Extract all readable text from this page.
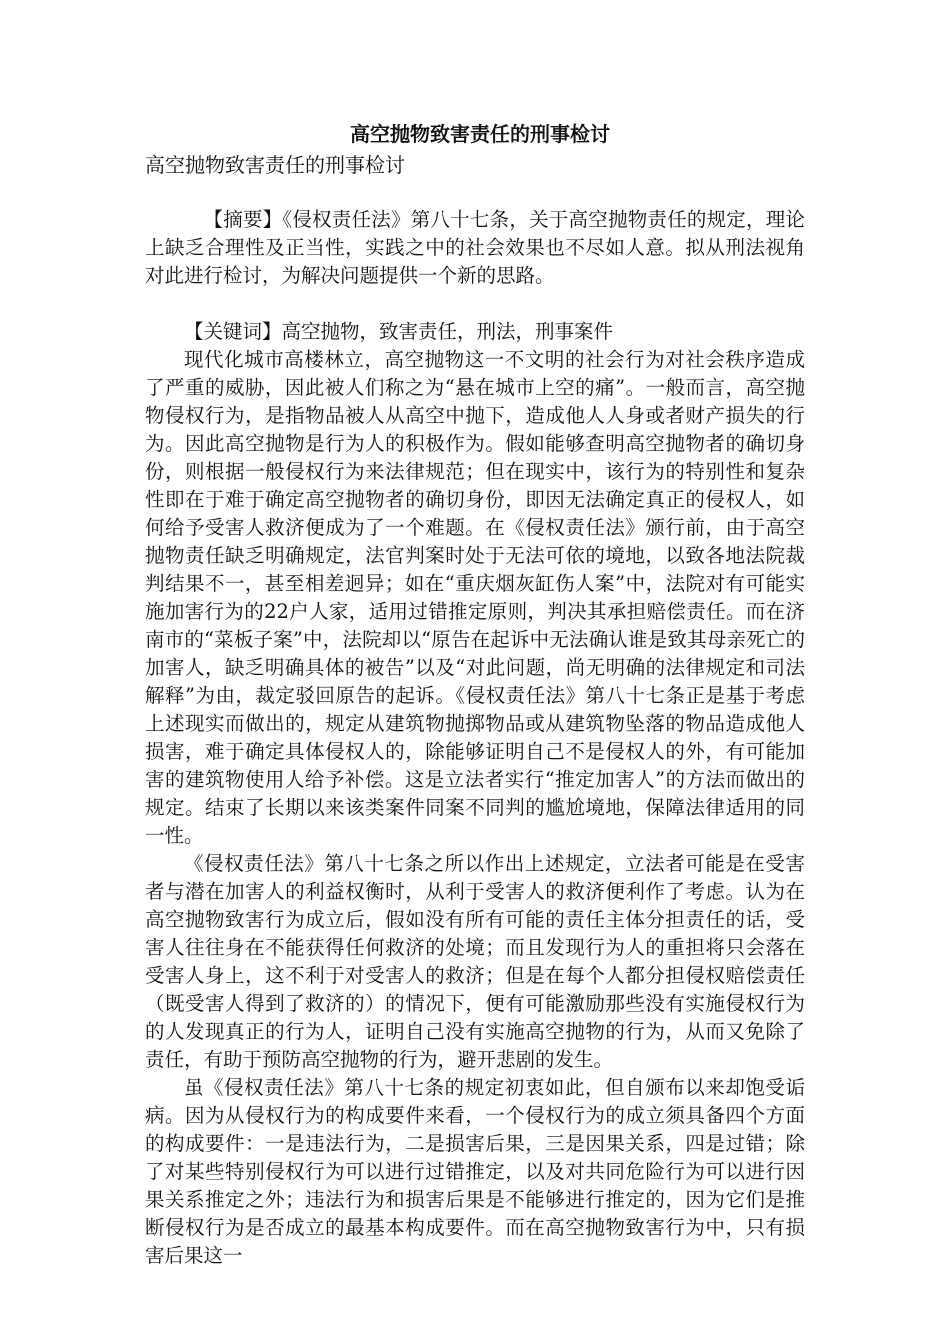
高空抛物致害责任的刑事检讨

高空抛物致害责任的刑事检讨

【摘要】《侵权责任法》第八十七条，关于高空抛物责任的规定，理论上缺乏合理性及正当性，实践之中的社会效果也不尽如人意。拟从刑法视角对此进行检讨，为解决问题提供一个新的思路。

【关键词】高空抛物，致害责任，刑法，刑事案件

现代化城市高楼林立，高空抛物这一不文明的社会行为对社会秩序造成了严重的威胁，因此被人们称之为“悬在城市上空的痛”。一般而言，高空抛物侵权行为，是指物品被人从高空中抛下，造成他人人身或者财产损失的行为。因此高空抛物是行为人的积极作为。假如能够查明高空抛物者的确切身份，则根据一般侵权行为来法律规范；但在现实中，该行为的特别性和复杂性即在于难于确定高空抛物者的确切身份，即因无法确定真正的侵权人，如何给予受害人救济便成为了一个难题。在《侵权责任法》颁行前，由于高空抛物责任缺乏明确规定，法官判案时处于无法可依的境地，以致各地法院裁判结果不一，甚至相差迥异；如在“重庆烟灰缸伤人案”中，法院对有可能实施加害行为的22户人家，适用过错推定原则，判决其承担赔偿责任。而在济南市的“菜板子案”中，法院却以“原告在起诉中无法确认谁是致其母亲死亡的加害人，缺乏明确具体的被告”以及“对此问题，尚无明确的法律规定和司法解释”为由，裁定驳回原告的起诉。《侵权责任法》第八十七条正是基于考虑上述现实而做出的，规定从建筑物抛掷物品或从建筑物坠落的物品造成他人损害，难于确定具体侵权人的，除能够证明自己不是侵权人的外，有可能加害的建筑物使用人给予补偿。这是立法者实行“推定加害人”的方法而做出的规定。结束了长期以来该类案件同案不同判的尴尬境地，保障法律适用的同一性。

《侵权责任法》第八十七条之所以作出上述规定，立法者可能是在受害者与潜在加害人的利益权衡时，从利于受害人的救济便利作了考虑。认为在高空抛物致害行为成立后，假如没有所有可能的责任主体分担责任的话，受害人往往身在不能获得任何救济的处境；而且发现行为人的重担将只会落在受害人身上，这不利于对受害人的救济；但是在每个人都分担侵权赔偿责任（既受害人得到了救济的）的情况下，便有可能激励那些没有实施侵权行为的人发现真正的行为人，证明自己没有实施高空抛物的行为，从而又免除了责任，有助于预防高空抛物的行为，避开悲剧的发生。

虽《侵权责任法》第八十七条的规定初衷如此，但自颁布以来却饱受诟病。因为从侵权行为的构成要件来看，一个侵权行为的成立须具备四个方面的构成要件：一是违法行为，二是损害后果，三是因果关系，四是过错；除了对某些特别侵权行为可以进行过错推定，以及对共同危险行为可以进行因果关系推定之外；违法行为和损害后果是不能够进行推定的，因为它们是推断侵权行为是否成立的最基本构成要件。而在高空抛物致害行为中，只有损害后果这一
